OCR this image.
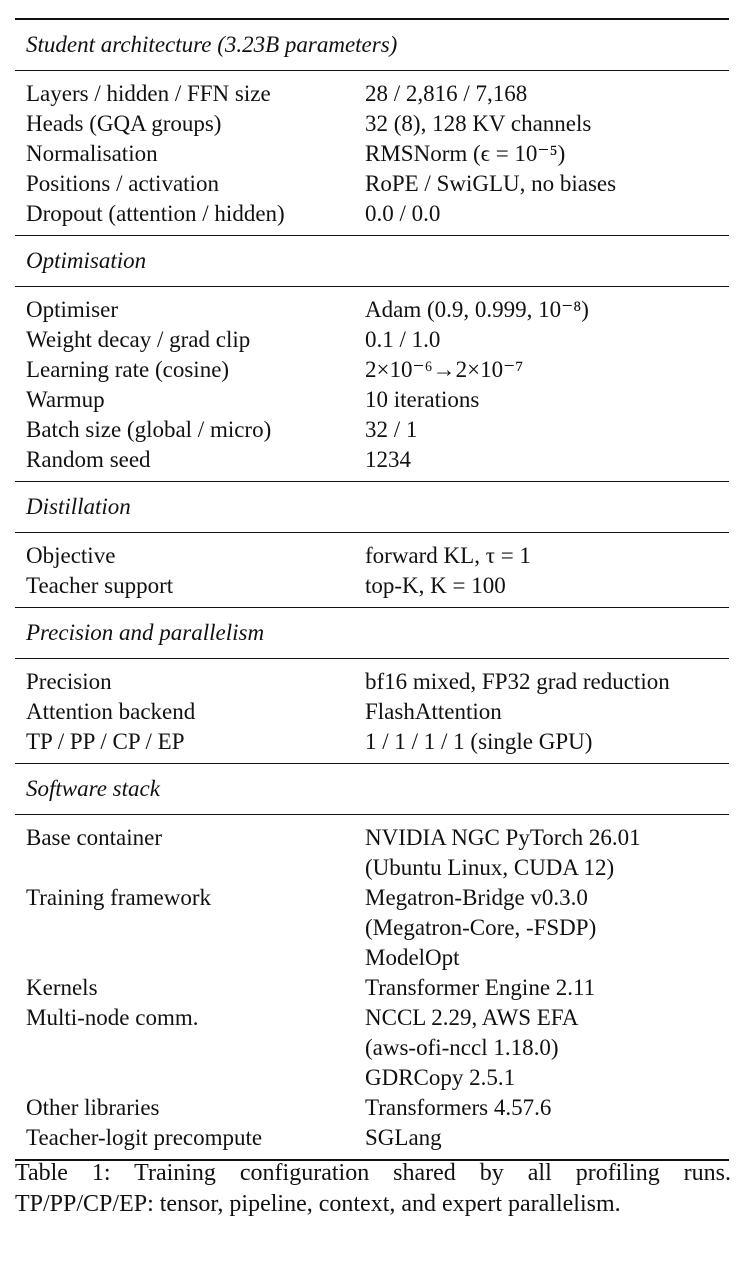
Student architecture (3.23B parameters)
Layers / hidden / FFN size	28 / 2,816 / 7,168
Heads (GQA groups)	32 (8), 128 KV channels
Normalisation	RMSNorm (ϵ = 10⁻⁵)
Positions / activation	RoPE / SwiGLU, no biases
Dropout (attention / hidden)	0.0 / 0.0
Optimisation
Optimiser	Adam (0.9, 0.999, 10⁻⁸)
Weight decay / grad clip	0.1 / 1.0
Learning rate (cosine)	2×10⁻⁶→2×10⁻⁷
Warmup	10 iterations
Batch size (global / micro)	32 / 1
Random seed	1234
Distillation
Objective	forward KL, τ = 1
Teacher support	top-K, K = 100
Precision and parallelism
Precision	bf16 mixed, FP32 grad reduction
Attention backend	FlashAttention
TP / PP / CP / EP	1 / 1 / 1 / 1 (single GPU)
Software stack
Base container	NVIDIA NGC PyTorch 26.01
(Ubuntu Linux, CUDA 12)
Training framework	Megatron-Bridge v0.3.0
(Megatron-Core, -FSDP)
ModelOpt
Kernels	Transformer Engine 2.11
Multi-node comm.	NCCL 2.29, AWS EFA
(aws-ofi-nccl 1.18.0)
GDRCopy 2.5.1
Other libraries	Transformers 4.57.6
Teacher-logit precompute	SGLang
Table 1: Training configuration shared by all profiling runs. TP/PP/CP/EP: tensor, pipeline, context, and expert parallelism.
